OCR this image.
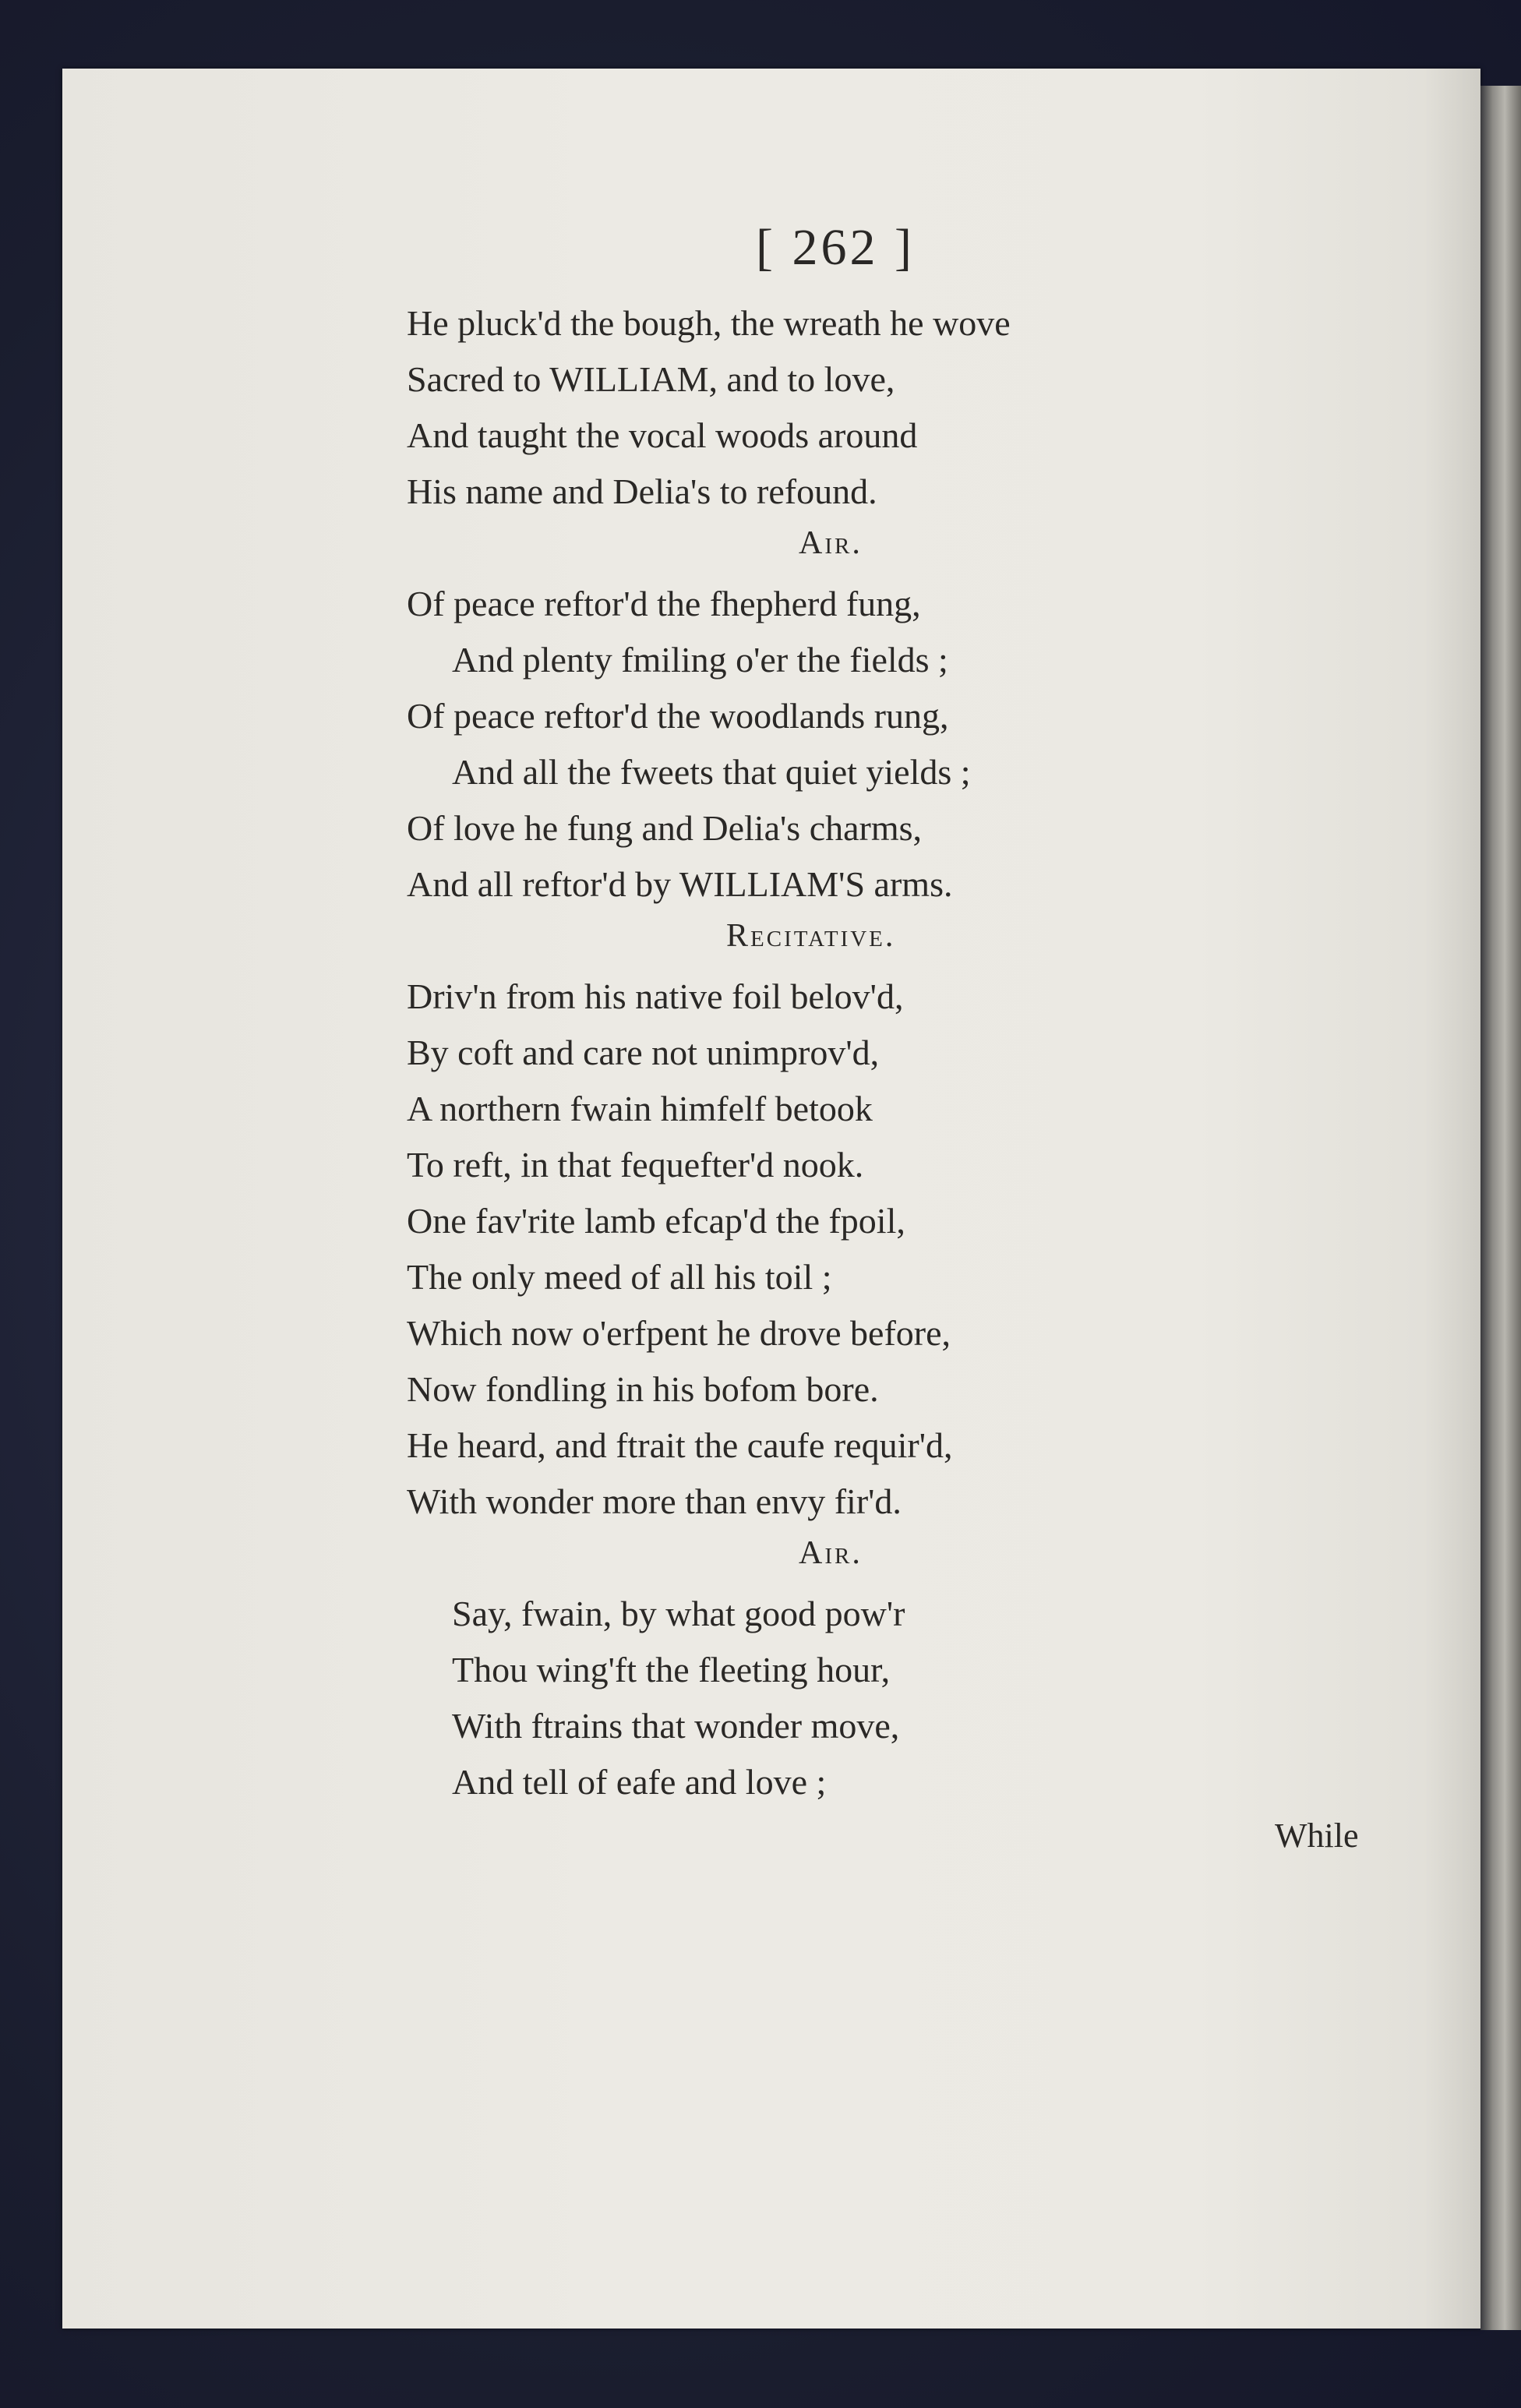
[ 262 ]
He pluck'd the bough, the wreath he wove
Sacred to WILLIAM, and to love,
And taught the vocal woods around
His name and Delia's to refound.
Air.
Of peace reftor'd the fhepherd fung,
And plenty fmiling o'er the fields ;
Of peace reftor'd the woodlands rung,
And all the fweets that quiet yields ;
Of love he fung and Delia's charms,
And all reftor'd by WILLIAM'S arms.
Recitative.
Driv'n from his native foil belov'd,
By coft and care not unimprov'd,
A northern fwain himfelf betook
To reft, in that fequefter'd nook.
One fav'rite lamb efcap'd the fpoil,
The only meed of all his toil ;
Which now o'erfpent he drove before,
Now fondling in his bofom bore.
He heard, and ftrait the caufe requir'd,
With wonder more than envy fir'd.
Air.
Say, fwain, by what good pow'r
Thou wing'ft the fleeting hour,
With ftrains that wonder move,
And tell of eafe and love ;
While
